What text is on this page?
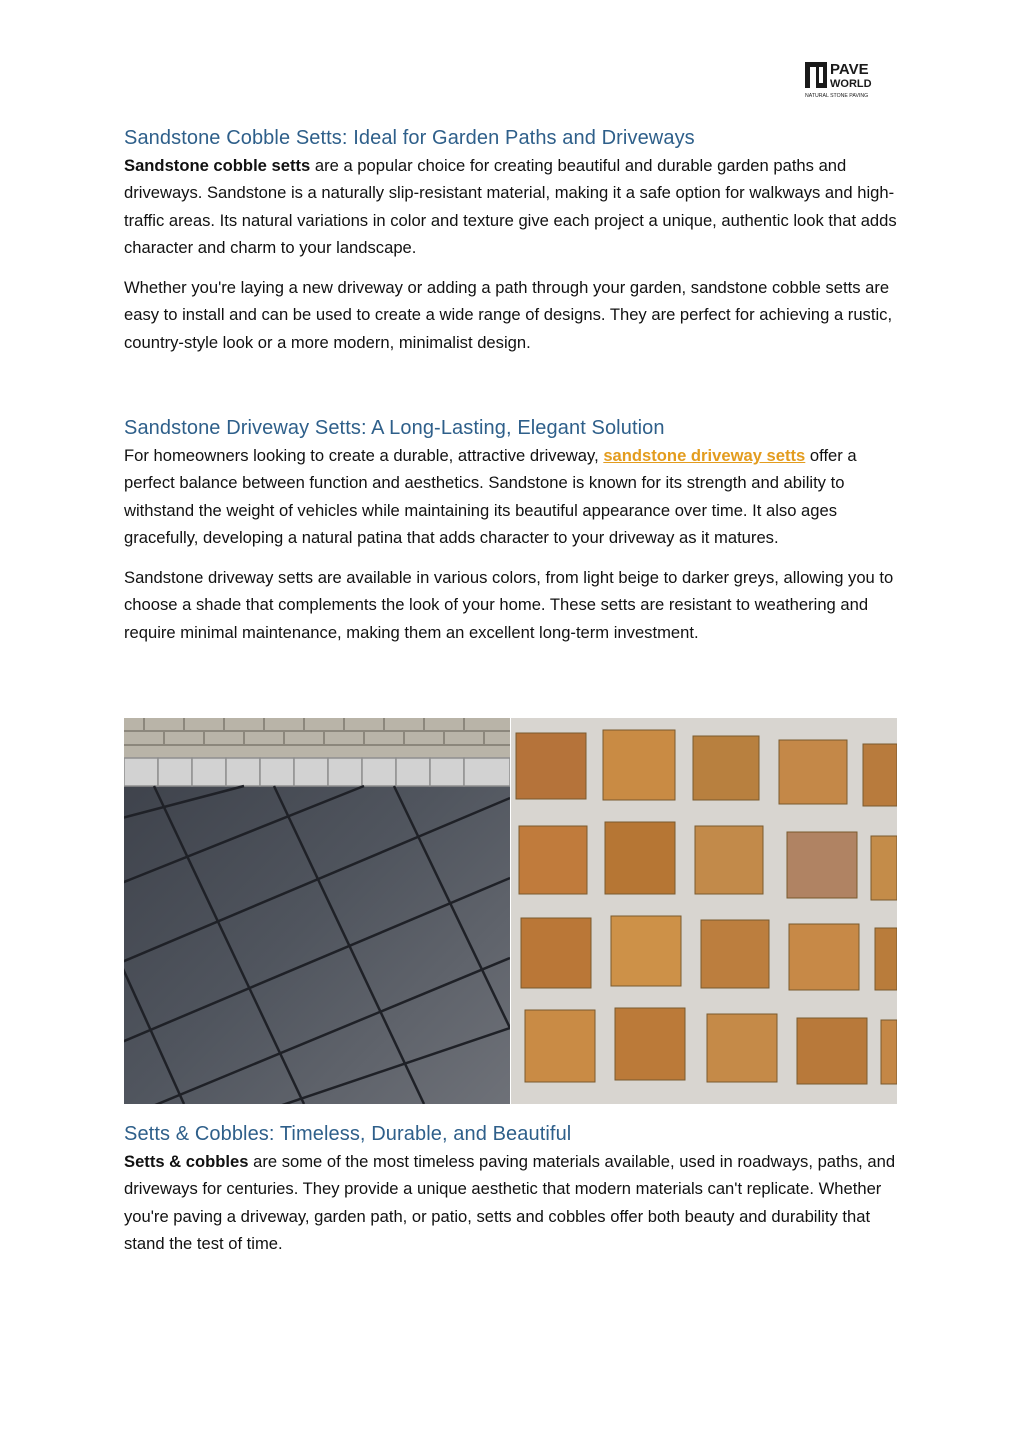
PAVE
WORLD
NATURAL STONE PAVING
Sandstone Cobble Setts: Ideal for Garden Paths and Driveways

Sandstone cobble setts are a popular choice for creating beautiful and durable garden paths and driveways. Sandstone is a naturally slip-resistant material, making it a safe option for walkways and high-traffic areas. Its natural variations in color and texture give each project a unique, authentic look that adds character and charm to your landscape.

Whether you're laying a new driveway or adding a path through your garden, sandstone cobble setts are easy to install and can be used to create a wide range of designs. They are perfect for achieving a rustic, country-style look or a more modern, minimalist design.

Sandstone Driveway Setts: A Long-Lasting, Elegant Solution

For homeowners looking to create a durable, attractive driveway, sandstone driveway setts offer a perfect balance between function and aesthetics. Sandstone is known for its strength and ability to withstand the weight of vehicles while maintaining its beautiful appearance over time. It also ages gracefully, developing a natural patina that adds character to your driveway as it matures.

Sandstone driveway setts are available in various colors, from light beige to darker greys, allowing you to choose a shade that complements the look of your home. These setts are resistant to weathering and require minimal maintenance, making them an excellent long-term investment.

Setts & Cobbles: Timeless, Durable, and Beautiful

Setts & cobbles are some of the most timeless paving materials available, used in roadways, paths, and driveways for centuries. They provide a unique aesthetic that modern materials can't replicate. Whether you're paving a driveway, garden path, or patio, setts and cobbles offer both beauty and durability that stand the test of time.
